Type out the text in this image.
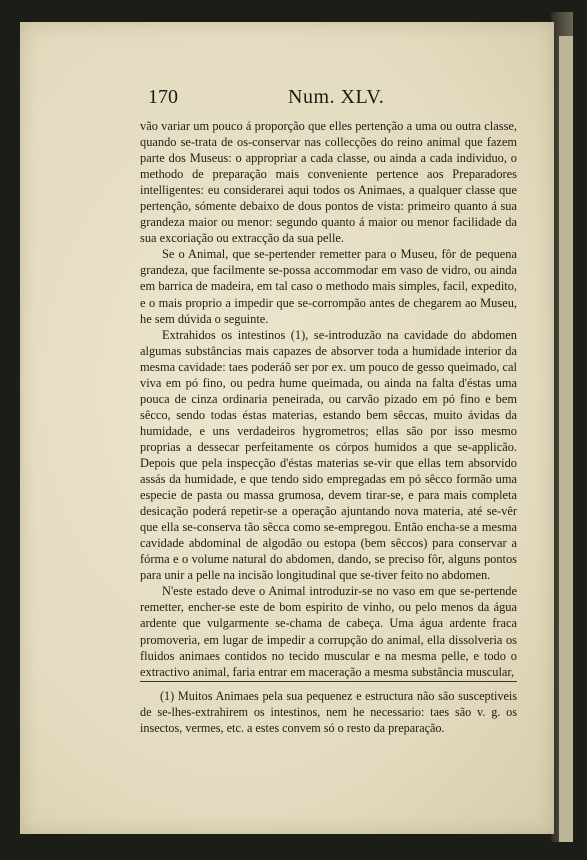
170	Num. XLV.

vão variar um pouco á proporção que elles pertenção a uma ou outra classe, quando se-trata de os-conservar nas collecções do reino animal que fazem parte dos Museus: o appropriar a cada classe, ou ainda a cada individuo, o methodo de preparação mais conveniente pertence aos Preparadores intelligentes: eu considerarei aqui todos os Animaes, a qualquer classe que pertenção, sómente debaixo de dous pontos de vista: primeiro quanto á sua grandeza maior ou menor: segundo quanto á maior ou menor facilidade da sua excoriação ou extracção da sua pelle.

Se o Animal, que se-pertender remetter para o Museu, fôr de pequena grandeza, que facilmente se-possa accommodar em vaso de vidro, ou ainda em barrica de madeira, em tal caso o methodo mais simples, facil, expedito, e o mais proprio a impedir que se-corrompão antes de chegarem ao Museu, he sem dúvida o seguinte.

Extrahidos os intestinos (1), se-introduzão na cavidade do abdomen algumas substâncias mais capazes de absorver toda a humidade interior da mesma cavidade: taes poderáõ ser por ex. um pouco de gesso queimado, cal viva em pó fino, ou pedra hume queimada, ou ainda na falta d'éstas uma pouca de cinza ordinaria peneirada, ou carvão pizado em pó fino e bem sêcco, sendo todas éstas materias, estando bem sêccas, muito ávidas da humidade, e uns verdadeiros hygrometros; ellas são por isso mesmo proprias a dessecar perfeitamente os córpos humidos a que se-applicão. Depois que pela inspecção d'éstas materias se-vir que ellas tem absorvido assás da humidade, e que tendo sido empregadas em pó sêcco formão uma especie de pasta ou massa grumosa, devem tirar-se, e para mais completa desicação poderá repetir-se a operação ajuntando nova materia, até se-vêr que ella se-conserva tão sêcca como se-empregou. Então encha-se a mesma cavidade abdominal de algodão ou estopa (bem sêccos) para conservar a fórma e o volume natural do abdomen, dando, se preciso fôr, alguns pontos para unir a pelle na incisão longitudinal que se-tiver feito no abdomen.

N'este estado deve o Animal introduzir-se no vaso em que se-pertende remetter, encher-se este de bom espirito de vinho, ou pelo menos da água ardente que vulgarmente se-chama de cabeça. Uma água ardente fraca promoveria, em lugar de impedir a corrupção do animal, ella dissolveria os fluidos animaes contidos no tecido muscular e na mesma pelle, e todo o extractivo animal, faria entrar em maceração a mesma substância muscular,

(1) Muitos Animaes pela sua pequenez e estructura não são susceptiveis de se-lhes-extrahirem os intestinos, nem he necessario: taes são v. g. os insectos, vermes, etc. a estes convem só o resto da preparação.
